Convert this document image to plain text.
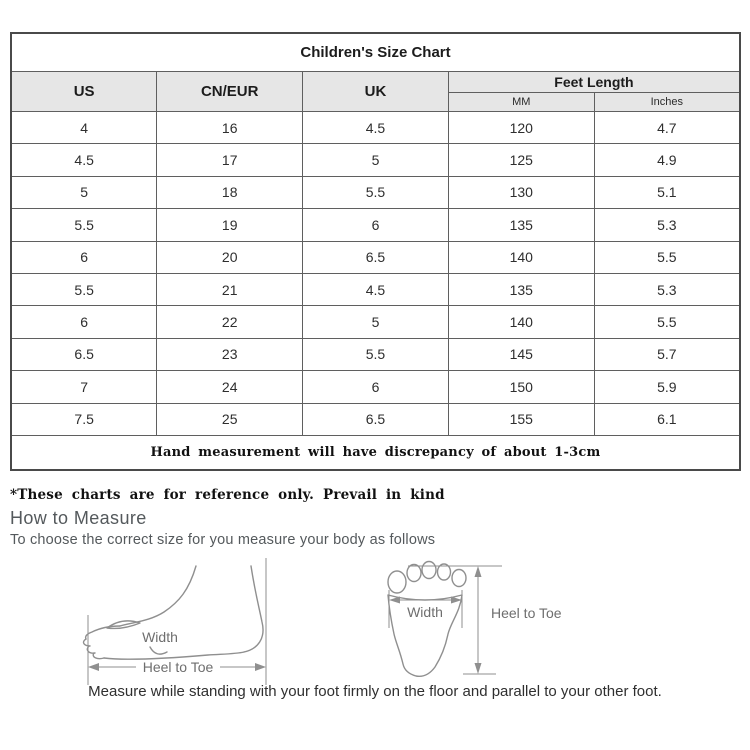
Children's Size Chart				
US	CN/EUR	UK	Feet Length	
			MM	Inches
4	16	4.5	120	4.7
4.5	17	5	125	4.9
5	18	5.5	130	5.1
5.5	19	6	135	5.3
6	20	6.5	140	5.5
5.5	21	4.5	135	5.3
6	22	5	140	5.5
6.5	23	5.5	145	5.7
7	24	6	150	5.9
7.5	25	6.5	155	6.1
Hand measurement will have discrepancy of about 1-3cm				
*These charts are for reference only. Prevail in kind
How to Measure
To choose the correct size for you measure your body as follows
Heel to Toe
Width
Width	Heel to Toe
Measure while standing with your foot firmly on the floor and parallel to your other foot.
